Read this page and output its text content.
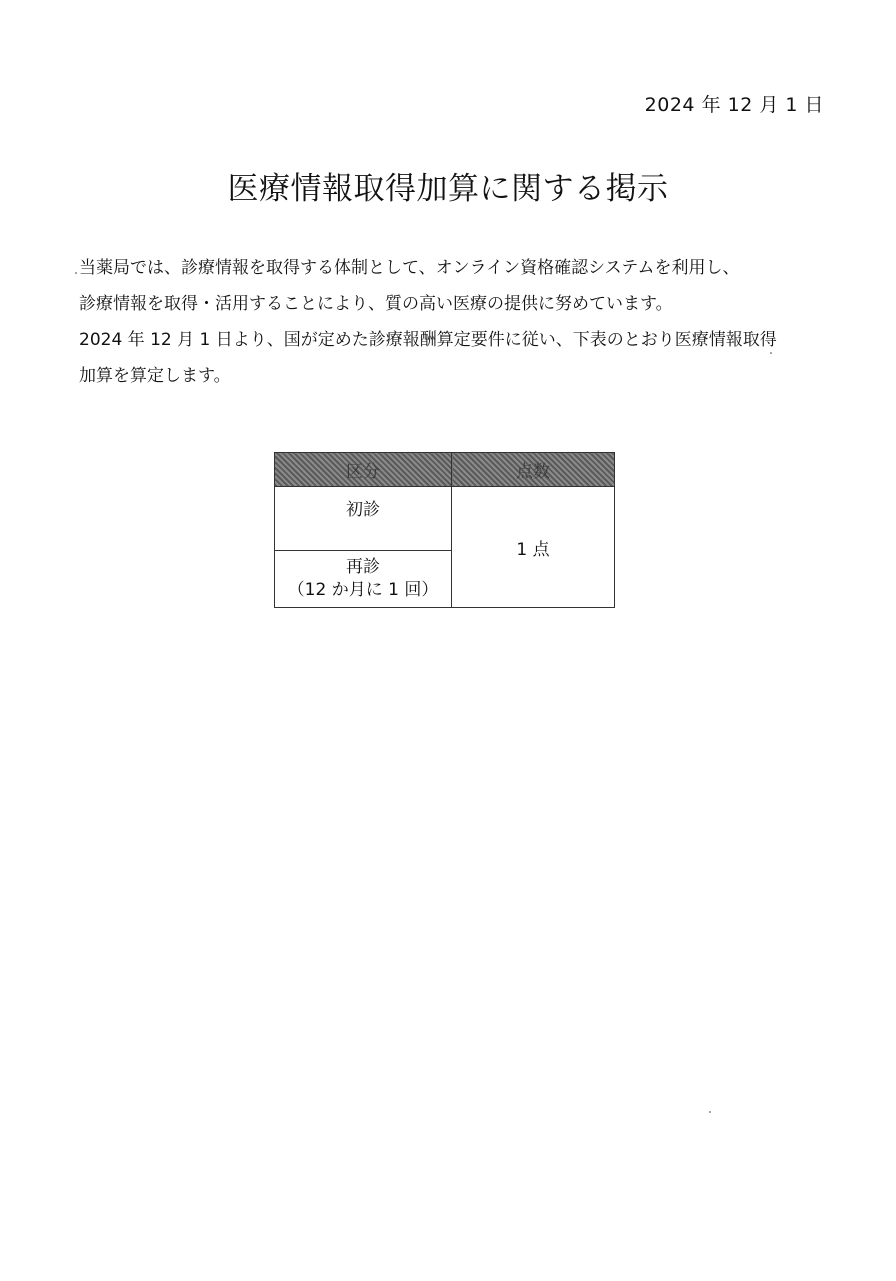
2024 年 12 月 1 日
医療情報取得加算に関する掲示

当薬局では、診療情報を取得する体制として、オンライン資格確認システムを利用し、

診療情報を取得・活用することにより、質の高い医療の提供に努めています。

2024 年 12 月 1 日より、国が定めた診療報酬算定要件に従い、下表のとおり医療情報取得

加算を算定します。

区分	点数
初診	1 点

再診
（12 か月に 1 回）	
